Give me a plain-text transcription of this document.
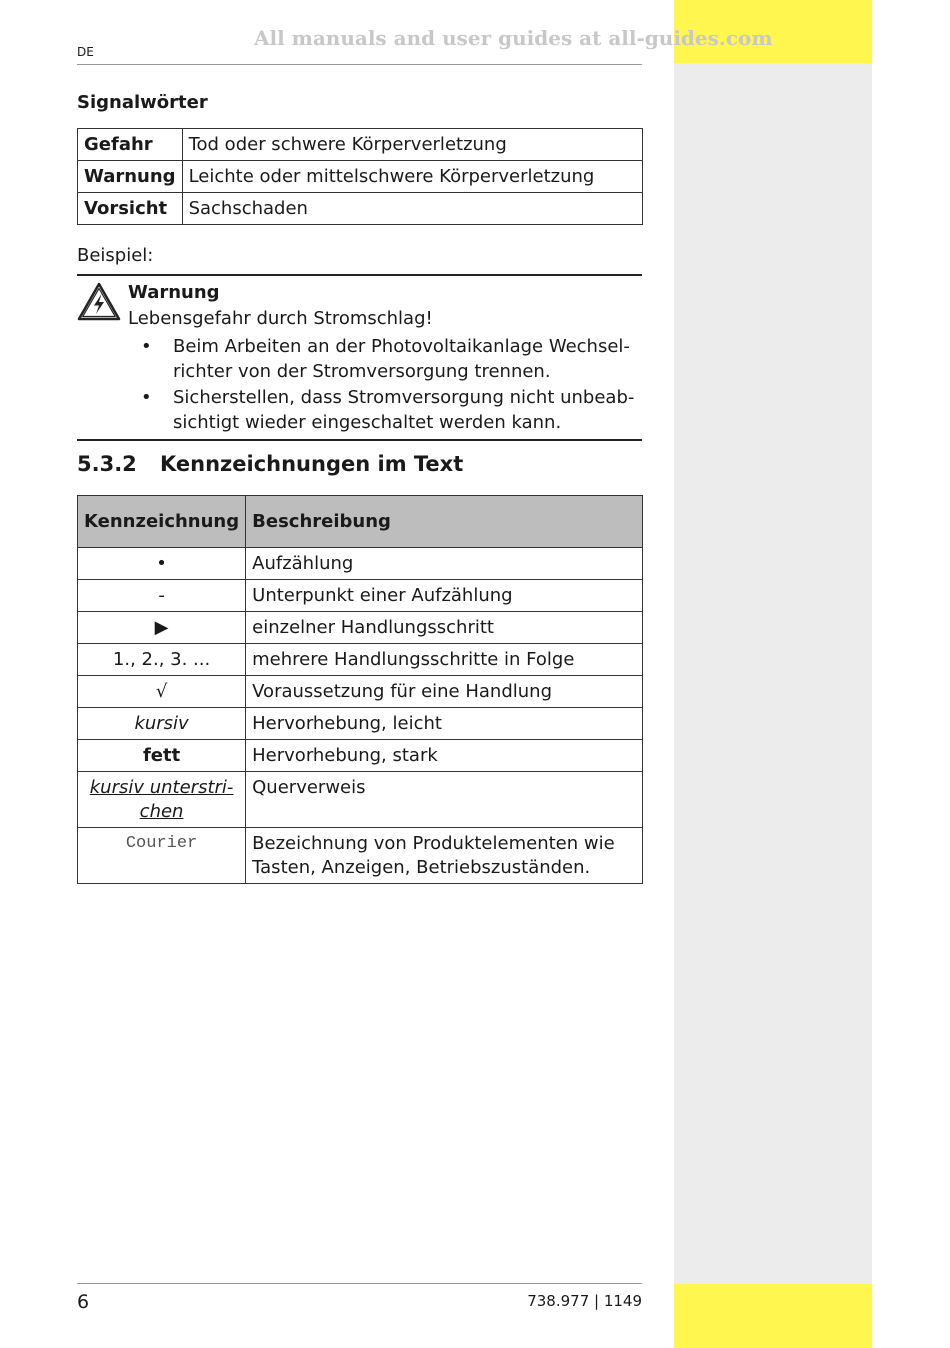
All manuals and user guides at all-guides.com
DE
Signalwörter
Gefahr	Tod oder schwere Körperverletzung
Warnung	Leichte oder mittelschwere Körperverletzung
Vorsicht	Sachschaden
Beispiel:
Warnung
Lebensgefahr durch Stromschlag!
• Beim Arbeiten an der Photovoltaikanlage Wechsel-richter von der Stromversorgung trennen.
• Sicherstellen, dass Stromversorgung nicht unbeab-sichtigt wieder eingeschaltet werden kann.
5.3.2 Kennzeichnungen im Text
Kennzeichnung	Beschreibung
•	Aufzählung
-	Unterpunkt einer Aufzählung
▶	einzelner Handlungsschritt
1., 2., 3. ...	mehrere Handlungsschritte in Folge
√	Voraussetzung für eine Handlung
kursiv	Hervorhebung, leicht
fett	Hervorhebung, stark
kursiv unterstri-chen	Querverweis
Courier	Bezeichnung von Produktelementen wie Tasten, Anzeigen, Betriebszuständen.
6	738.977 | 1149
